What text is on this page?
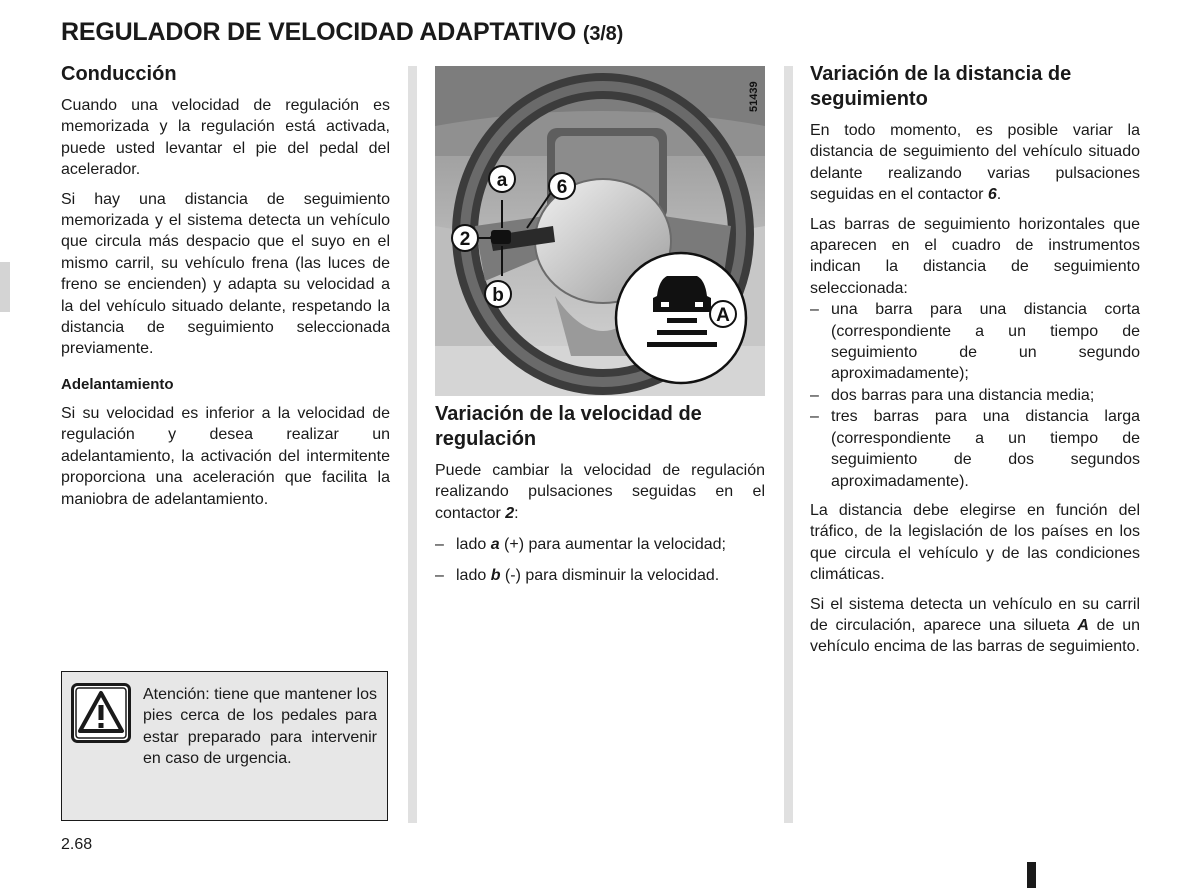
REGULADOR DE VELOCIDAD ADAPTATIVO (3/8)
Conducción

Cuando una velocidad de regulación es memorizada y la regulación está activada, puede usted levantar el pie del pedal del acelerador.

Si hay una distancia de seguimiento memorizada y el sistema detecta un vehículo que circula más despacio que el suyo en el mismo carril, su vehículo frena (las luces de freno se encienden) y adapta su velocidad a la del vehículo situado delante, respetando la distancia de seguimiento seleccionada previamente.

Adelantamiento

Si su velocidad es inferior a la velocidad de regulación y desea realizar un adelantamiento, la activación del intermitente proporciona una aceleración que facilita la maniobra de adelantamiento.

Atención: tiene que mantener los pies cerca de los pedales para estar preparado para intervenir en caso de urgencia.

2.68
a	6
2
b
A
51439
Variación de la velocidad de regulación

Puede cambiar la velocidad de regulación realizando pulsaciones seguidas en el contactor 2:

– lado a (+) para aumentar la velocidad;
– lado b (-) para disminuir la velocidad.
Variación de la distancia de seguimiento

En todo momento, es posible variar la distancia de seguimiento del vehículo situado delante realizando varias pulsaciones seguidas en el contactor 6.

Las barras de seguimiento horizontales que aparecen en el cuadro de instrumentos indican la distancia de seguimiento seleccionada:

– una barra para una distancia corta (correspondiente a un tiempo de seguimiento de un segundo aproximadamente);
– dos barras para una distancia media;
– tres barras para una distancia larga (correspondiente a un tiempo de seguimiento de dos segundos aproximadamente).

La distancia debe elegirse en función del tráfico, de la legislación de los países en los que circula el vehículo y de las condiciones climáticas.

Si el sistema detecta un vehículo en su carril de circulación, aparece una silueta A de un vehículo encima de las barras de seguimiento.
